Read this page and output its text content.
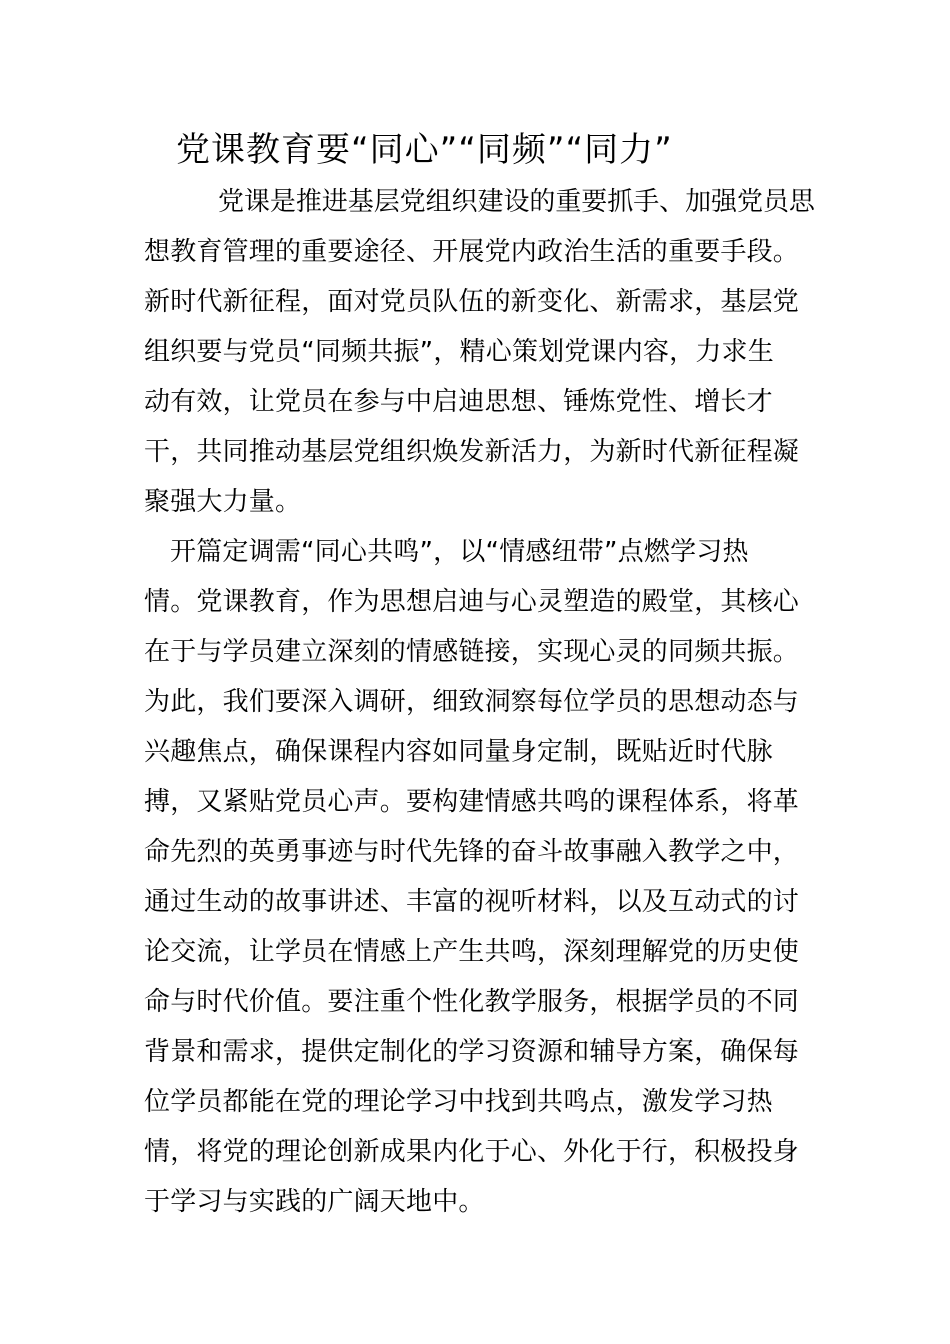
党课教育要“同心”“同频”“同力”
党课是推进基层党组织建设的重要抓手、加强党员思
想教育管理的重要途径、开展党内政治生活的重要手段。
新时代新征程，面对党员队伍的新变化、新需求，基层党
组织要与党员“同频共振”，精心策划党课内容，力求生
动有效，让党员在参与中启迪思想、锤炼党性、增长才
干，共同推动基层党组织焕发新活力，为新时代新征程凝
聚强大力量。
开篇定调需“同心共鸣”，以“情感纽带”点燃学习热
情。党课教育，作为思想启迪与心灵塑造的殿堂，其核心
在于与学员建立深刻的情感链接，实现心灵的同频共振。
为此，我们要深入调研，细致洞察每位学员的思想动态与
兴趣焦点，确保课程内容如同量身定制，既贴近时代脉
搏，又紧贴党员心声。要构建情感共鸣的课程体系，将革
命先烈的英勇事迹与时代先锋的奋斗故事融入教学之中，
通过生动的故事讲述、丰富的视听材料，以及互动式的讨
论交流，让学员在情感上产生共鸣，深刻理解党的历史使
命与时代价值。要注重个性化教学服务，根据学员的不同
背景和需求，提供定制化的学习资源和辅导方案，确保每
位学员都能在党的理论学习中找到共鸣点，激发学习热
情，将党的理论创新成果内化于心、外化于行，积极投身
于学习与实践的广阔天地中。
